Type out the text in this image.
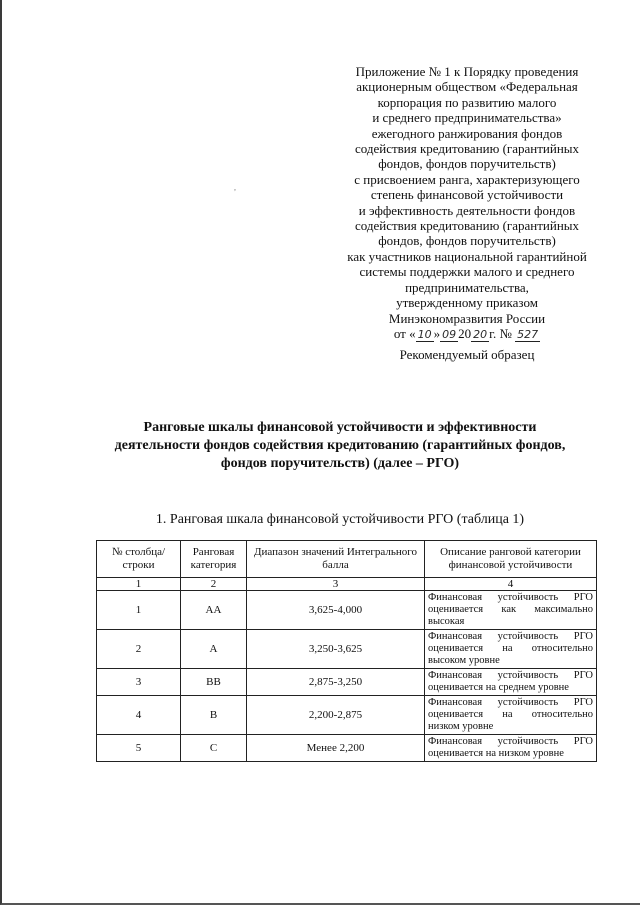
,
Приложение № 1 к Порядку проведения
акционерным обществом «Федеральная
корпорация по развитию малого
и среднего предпринимательства»
ежегодного ранжирования фондов
содействия кредитованию (гарантийных
фондов, фондов поручительств)
с присвоением ранга, характеризующего
степень финансовой устойчивости
и эффективность деятельности фондов
содействия кредитованию (гарантийных
фондов, фондов поручительств)
как участников национальной гарантийной
системы поддержки малого и среднего
предпринимательства,
утвержденному приказом
Минэкономразвития России
от « 10 » 09 20 20 г. № 527
Рекомендуемый образец
Ранговые шкалы финансовой устойчивости и эффективности
деятельности фондов содействия кредитованию (гарантийных фондов,
фондов поручительств) (далее – РГО)
1. Ранговая шкала финансовой устойчивости РГО (таблица 1)
№ столбца/строки	Ранговая категория	Диапазон значений Интегрального балла	Описание ранговой категории финансовой устойчивости
1	2	3	4
1	AA	3,625-4,000	Финансовая устойчивость РГО оценивается как максимально высокая
2	A	3,250-3,625	Финансовая устойчивость РГО оценивается на относительно высоком уровне
3	BB	2,875-3,250	Финансовая устойчивость РГО оценивается на среднем уровне
4	B	2,200-2,875	Финансовая устойчивость РГО оценивается на относительно низком уровне
5	C	Менее 2,200	Финансовая устойчивость РГО оценивается на низком уровне
